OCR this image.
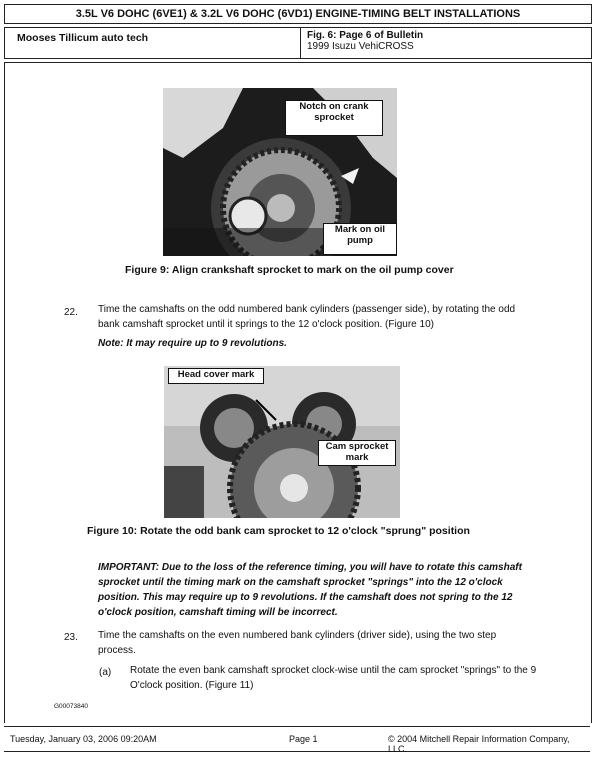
3.5L V6 DOHC (6VE1) & 3.2L V6 DOHC (6VD1) ENGINE-TIMING BELT INSTALLATIONS
Mooses Tillicum auto tech	Fig. 6: Page 6 of Bulletin
1999 Isuzu VehiCROSS
Notch on crank sprocket
Mark on oil pump
Figure 9: Align crankshaft sprocket to mark on the oil pump cover
22. Time the camshafts on the odd numbered bank cylinders (passenger side), by rotating the odd bank camshaft sprocket until it springs to the 12 o'clock position. (Figure 10)
Note: It may require up to 9 revolutions.
Head cover mark
Cam sprocket mark
Figure 10: Rotate the odd bank cam sprocket to 12 o'clock "sprung" position
IMPORTANT: Due to the loss of the reference timing, you will have to rotate this camshaft sprocket until the timing mark on the camshaft sprocket "springs" into the 12 o'clock position. This may require up to 9 revolutions. If the camshaft does not spring to the 12 o'clock position, camshaft timing will be incorrect.
23. Time the camshafts on the even numbered bank cylinders (driver side), using the two step process.
(a) Rotate the even bank camshaft sprocket clock-wise until the cam sprocket "springs" to the 9 O'clock position. (Figure 11)
G00073840
Tuesday, January 03, 2006 09:20AM	Page 1	© 2004 Mitchell Repair Information Company, LLC.
